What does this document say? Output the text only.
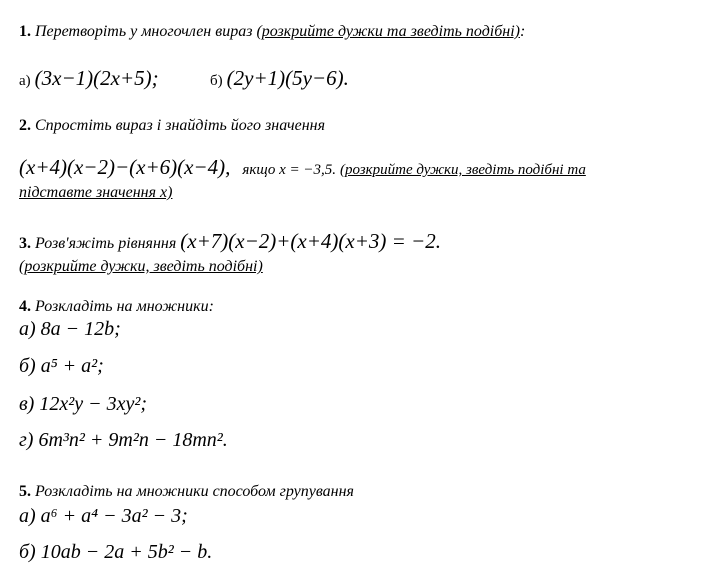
1. Перетворіть у многочлен вираз (розкрийте дужки та зведіть подібні):
а) (3x−1)(2x+5);	б) (2y+1)(5y−6).
2. Спростіть вираз і знайдіть його значення
(x+4)(x−2)−(x+6)(x−4), якщо x = −3,5. (розкрийте дужки, зведіть подібні та
підставте значення x)
3. Розв'яжіть рівняння (x+7)(x−2)+(x+4)(x+3) = −2.
(розкрийте дужки, зведіть подібні)
4. Розкладіть на множники:
а) 8a − 12b;
б) a⁵ + a²;
в) 12x²y − 3xy²;
г) 6m³n² + 9m²n − 18mn².
5. Розкладіть на множники способом групування
а) a⁶ + a⁴ − 3a² − 3;
б) 10ab − 2a + 5b² − b.
